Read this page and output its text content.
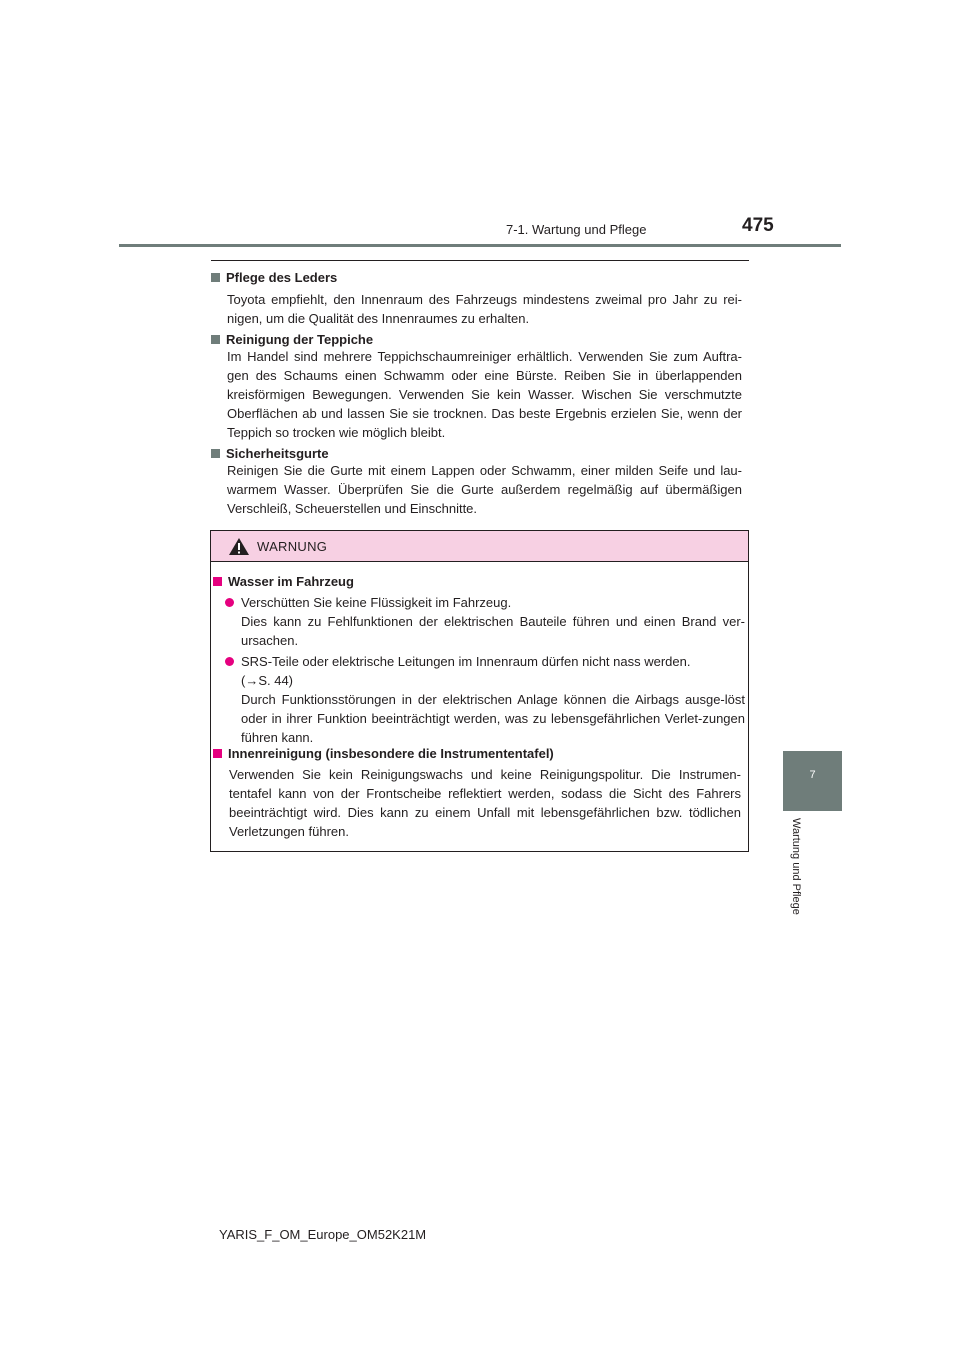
7-1. Wartung und Pflege	475
7
Wartung und Pflege
Pflege des Leders
Toyota empfiehlt, den Innenraum des Fahrzeugs mindestens zweimal pro Jahr zu rei-nigen, um die Qualität des Innenraumes zu erhalten.
Reinigung der Teppiche
Im Handel sind mehrere Teppichschaumreiniger erhältlich. Verwenden Sie zum Auftra-gen des Schaums einen Schwamm oder eine Bürste. Reiben Sie in überlappenden kreisförmigen Bewegungen. Verwenden Sie kein Wasser. Wischen Sie verschmutzte Oberflächen ab und lassen Sie sie trocknen. Das beste Ergebnis erzielen Sie, wenn der Teppich so trocken wie möglich bleibt.
Sicherheitsgurte
Reinigen Sie die Gurte mit einem Lappen oder Schwamm, einer milden Seife und lau-warmem Wasser. Überprüfen Sie die Gurte außerdem regelmäßig auf übermäßigen Verschleiß, Scheuerstellen und Einschnitte.
WARNUNG
Wasser im Fahrzeug
Verschütten Sie keine Flüssigkeit im Fahrzeug.
Dies kann zu Fehlfunktionen der elektrischen Bauteile führen und einen Brand ver-ursachen.
SRS-Teile oder elektrische Leitungen im Innenraum dürfen nicht nass werden.
(→S. 44)
Durch Funktionsstörungen in der elektrischen Anlage können die Airbags ausge-löst oder in ihrer Funktion beeinträchtigt werden, was zu lebensgefährlichen Verlet-zungen führen kann.
Innenreinigung (insbesondere die Instrumententafel)
Verwenden Sie kein Reinigungswachs und keine Reinigungspolitur. Die Instrumen-tentafel kann von der Frontscheibe reflektiert werden, sodass die Sicht des Fahrers beeinträchtigt wird. Dies kann zu einem Unfall mit lebensgefährlichen bzw. tödlichen Verletzungen führen.
YARIS_F_OM_Europe_OM52K21M
